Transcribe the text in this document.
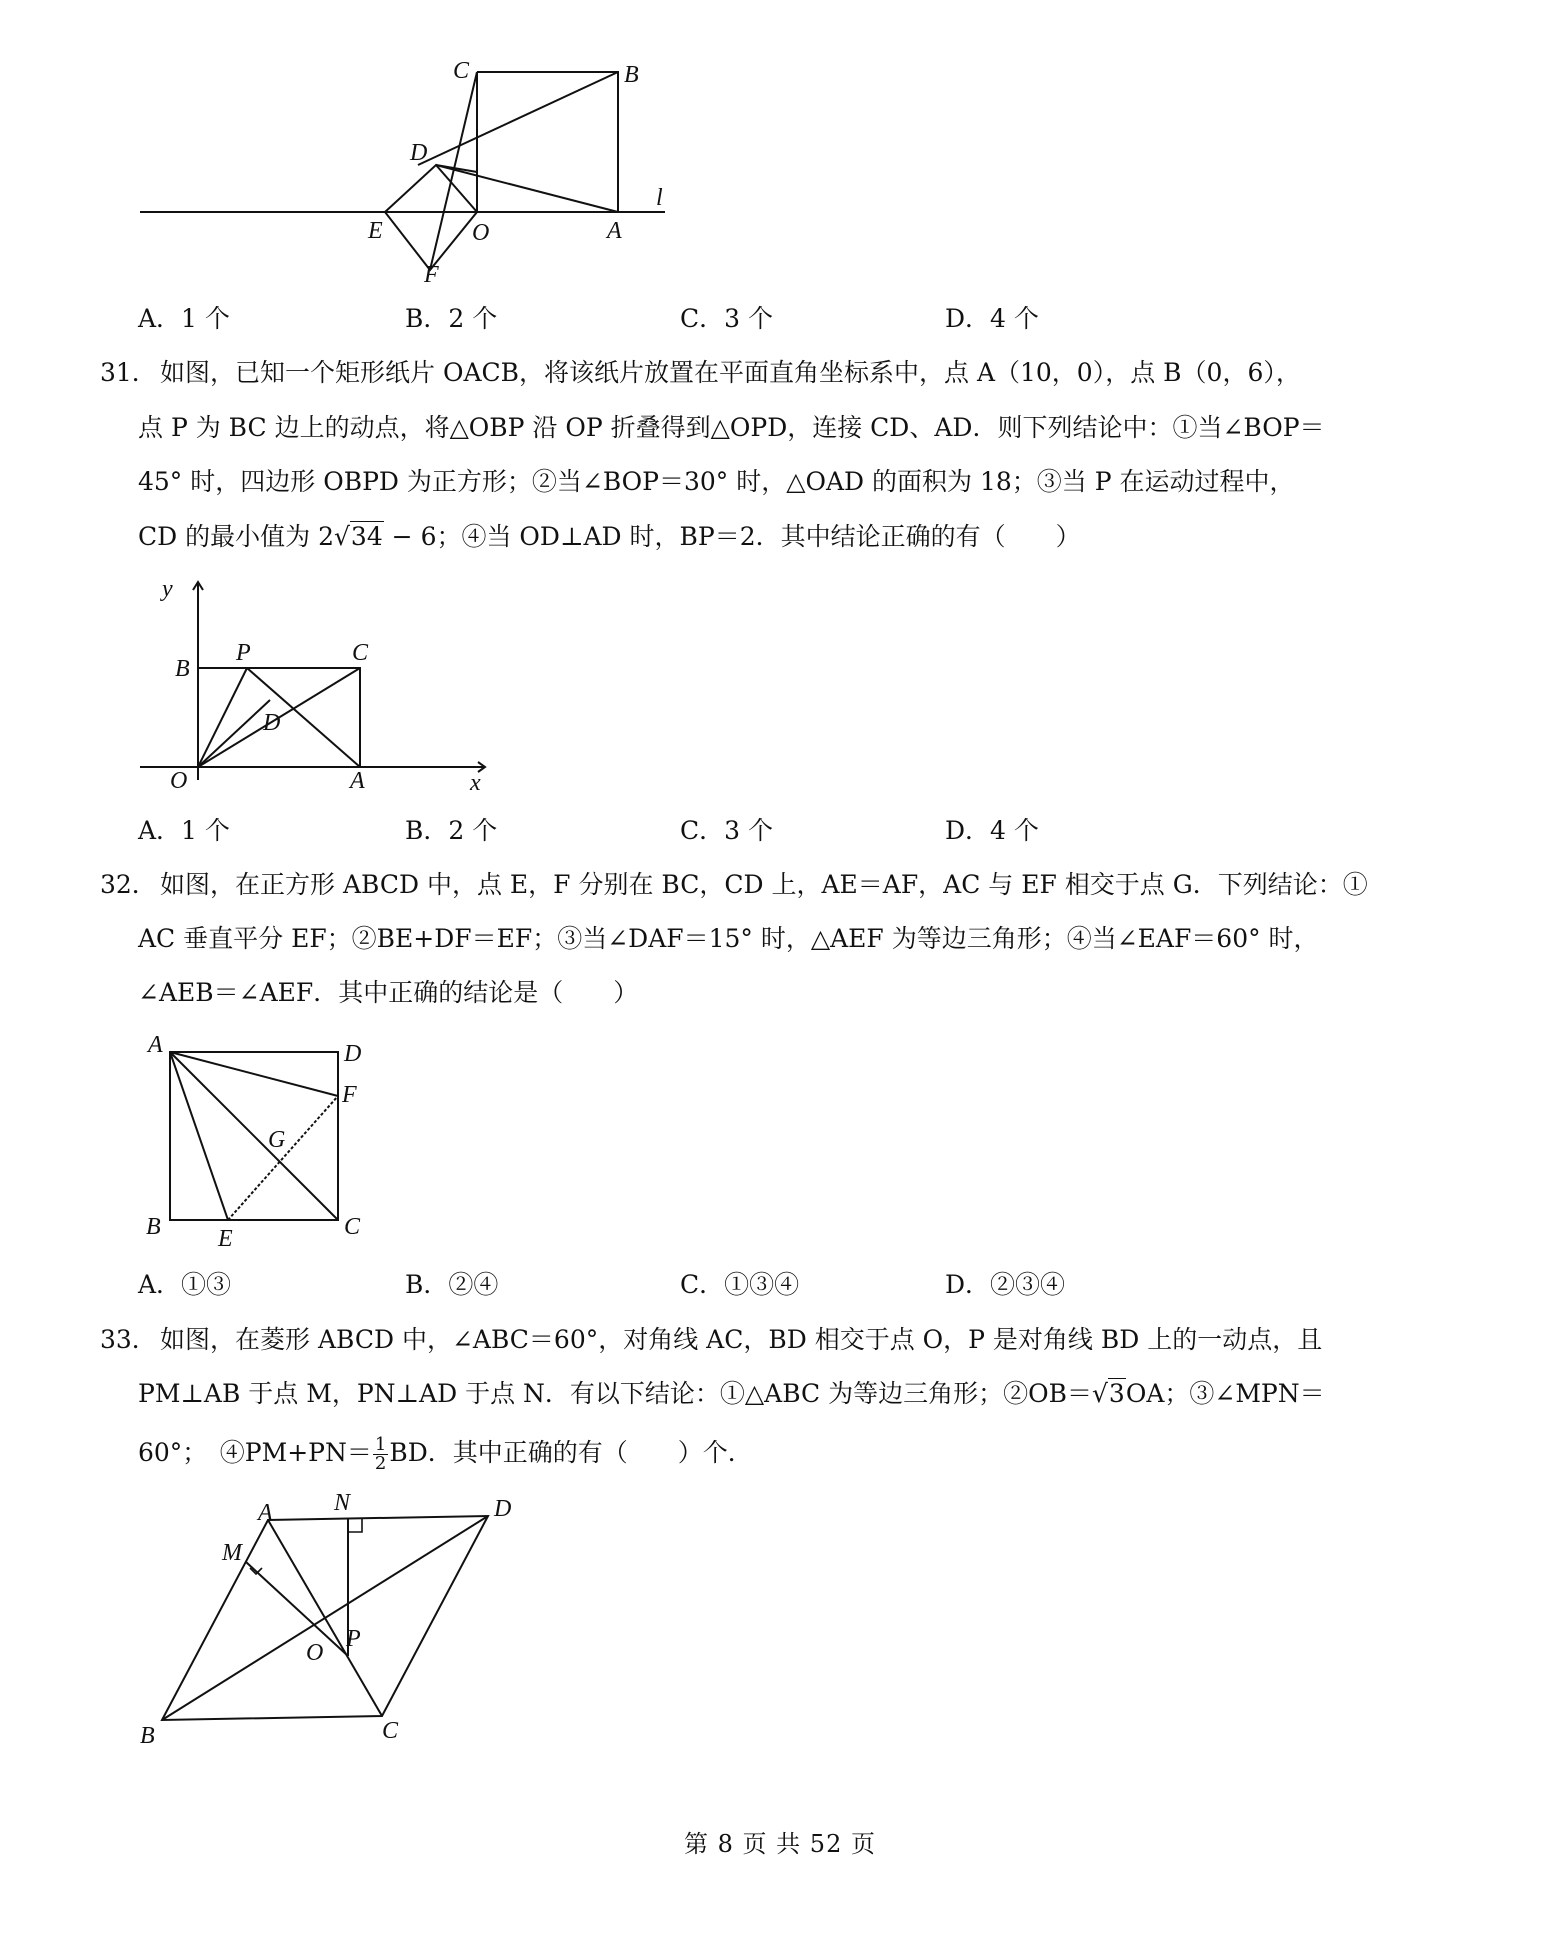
C	B
D
l
E	O	A
F
A．1 个	B．2 个	C．3 个	D．4 个
31． 如图，已知一个矩形纸片 OACB，将该纸片放置在平面直角坐标系中，点 A（10，0），点 B（0，6），
点 P 为 BC 边上的动点，将△OBP 沿 OP 折叠得到△OPD，连接 CD、AD．则下列结论中：①当∠BOP＝
45° 时，四边形 OBPD 为正方形；②当∠BOP＝30° 时，△OAD 的面积为 18；③当 P 在运动过程中，
CD 的最小值为 2√34 − 6；④当 OD⊥AD 时，BP＝2．其中结论正确的有（　　）
y
B
P	C
D
O	A	x
A．1 个	B．2 个	C．3 个	D．4 个
32． 如图，在正方形 ABCD 中，点 E，F 分别在 BC，CD 上，AE＝AF，AC 与 EF 相交于点 G．下列结论：①
AC 垂直平分 EF；②BE+DF＝EF；③当∠DAF＝15° 时，△AEF 为等边三角形；④当∠EAF＝60° 时，
∠AEB＝∠AEF．其中正确的结论是（　　）
A	D
F
G
B E	C
A．①③	B．②④	C．①③④	D．②③④
33． 如图，在菱形 ABCD 中，∠ABC＝60°，对角线 AC，BD 相交于点 O，P 是对角线 BD 上的一动点，且
PM⊥AB 于点 M，PN⊥AD 于点 N．有以下结论：①△ABC 为等边三角形；②OB＝√3OA；③∠MPN＝
60°；　④PM+PN＝ $\frac{1}{2}$ BD．其中正确的有（　　）个．
A	N	D
M
P
O
B	C
第 8 页 共 52 页
